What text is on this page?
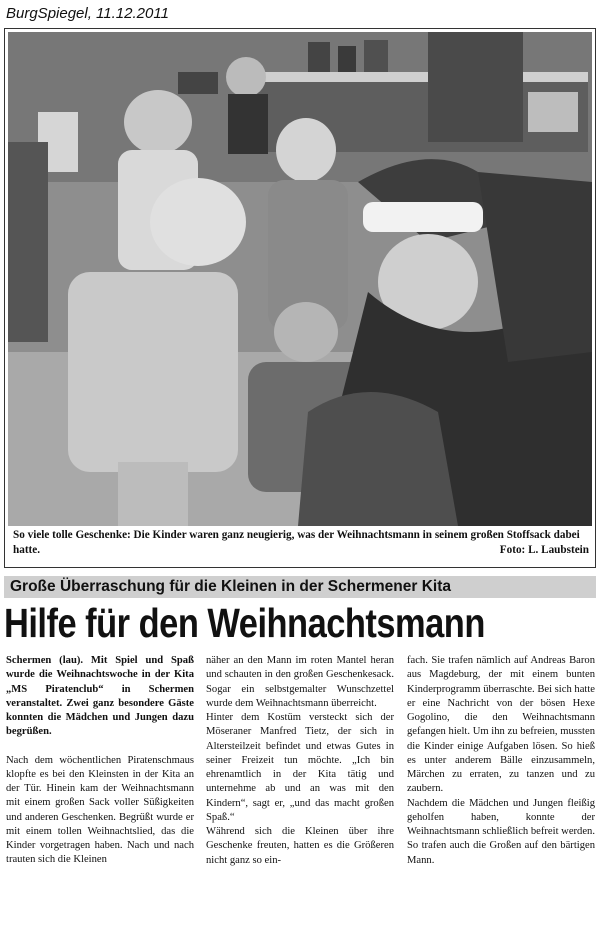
BurgSpiegel, 11.12.2011
So viele tolle Geschenke: Die Kinder waren ganz neugierig, was der Weihnachtsmann in seinem großen Stoffsack dabei hatte.	Foto: L. Laubstein
Große Überraschung für die Kleinen in der Schermener Kita
Hilfe für den Weihnachtsmann

Schermen (lau). Mit Spiel und Spaß wurde die Weihnachtswoche in der Kita „MS Piratenclub“ in Schermen veranstaltet. Zwei ganz besondere Gäste konnten die Mädchen und Jungen dazu begrüßen.

Nach dem wöchentlichen Piratenschmaus klopfte es bei den Kleinsten in der Kita an der Tür. Hinein kam der Weihnachtsmann mit einem großen Sack voller Süßigkeiten und anderen Geschenken. Begrüßt wurde er mit einem tollen Weihnachtslied, das die Kinder vorgetragen haben. Nach und nach trauten sich die Kleinen

näher an den Mann im roten Mantel heran und schauten in den großen Geschenkesack. Sogar ein selbstgemalter Wunschzettel wurde dem Weihnachtsmann überreicht.

Hinter dem Kostüm versteckt sich der Möseraner Manfred Tietz, der sich in Altersteilzeit befindet und etwas Gutes in seiner Freizeit tun möchte. „Ich bin ehrenamtlich in der Kita tätig und unternehme ab und an was mit den Kindern“, sagt er, „und das macht großen Spaß.“

Während sich die Kleinen über ihre Geschenke freuten, hatten es die Größeren nicht ganz so ein-

fach. Sie trafen nämlich auf Andreas Baron aus Magdeburg, der mit einem bunten Kinderprogramm überraschte. Bei sich hatte er eine Nachricht von der bösen Hexe Gogolino, die den Weihnachtsmann gefangen hielt. Um ihn zu befreien, mussten die Kinder einige Aufgaben lösen. So hieß es unter anderem Bälle einzusammeln, Märchen zu erraten, zu tanzen und zu zaubern.

Nachdem die Mädchen und Jungen fleißig geholfen haben, konnte der Weihnachtsmann schließlich befreit werden. So trafen auch die Großen auf den bärtigen Mann.
